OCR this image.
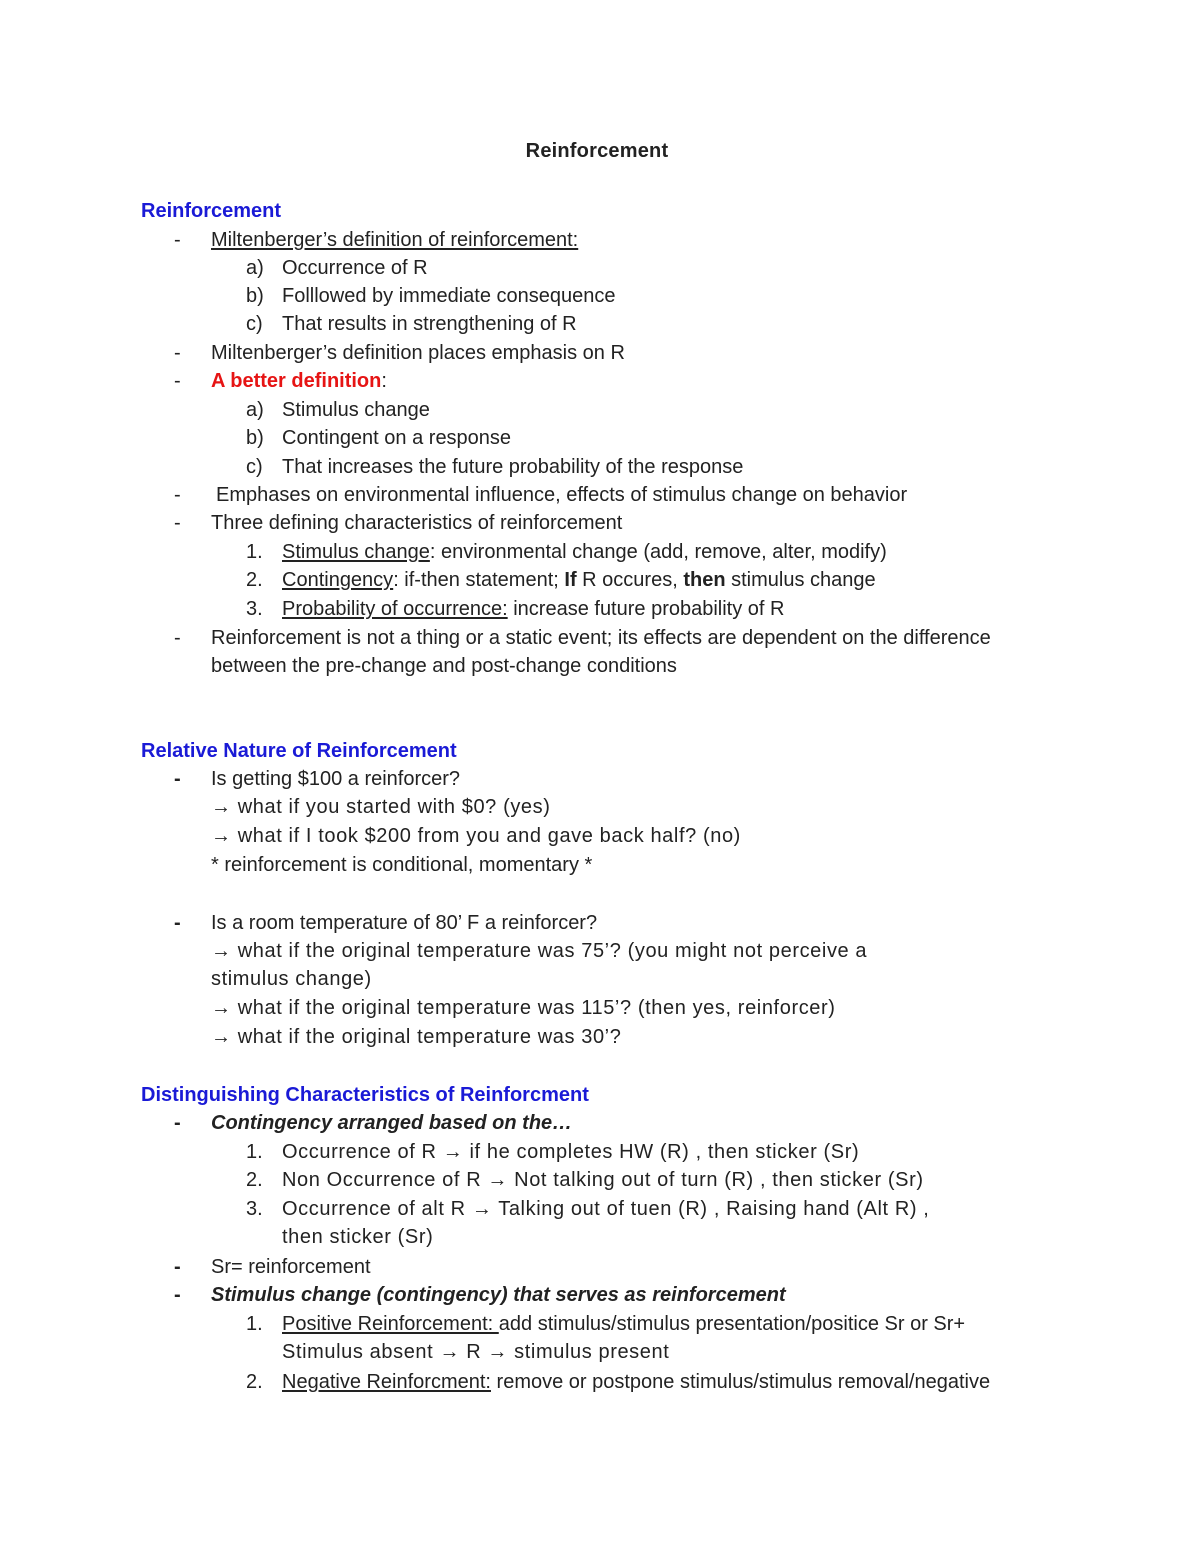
Reinforcement
Reinforcement
-	Miltenberger’s definition of reinforcement:
a) Occurrence of R
b) Folllowed by immediate consequence
c) That results in strengthening of R
-	Miltenberger’s definition places emphasis on R
-	A better definition:
a) Stimulus change
b) Contingent on a response
c) That increases the future probability of the response
-	Emphases on environmental influence, effects of stimulus change on behavior
-	Three defining characteristics of reinforcement
1. Stimulus change: environmental change (add, remove, alter, modify)
2. Contingency: if-then statement; If R occures, then stimulus change
3. Probability of occurrence: increase future probability of R
-	Reinforcement is not a thing or a static event; its effects are dependent on the difference
between the pre-change and post-change conditions
Relative Nature of Reinforcement
-	Is getting $100 a reinforcer?
→ what if you started with $0? (yes)
→ what if I took $200 from you and gave back half? (no)
* reinforcement is conditional, momentary *
-	Is a room temperature of 80’ F a reinforcer?
→ what if the original temperature was 75’? (you might not perceive a
stimulus change)
→ what if the original temperature was 115’? (then yes, reinforcer)
→ what if the original temperature was 30’?
Distinguishing Characteristics of Reinforcment
-	Contingency arranged based on the…
1. Occurrence of R → if he completes HW (R) , then sticker (Sr)
2. Non Occurrence of R → Not talking out of turn (R) , then sticker (Sr)
3. Occurrence of alt R → Talking out of tuen (R) , Raising hand (Alt R) ,
then sticker (Sr)
-	Sr= reinforcement
-	Stimulus change (contingency) that serves as reinforcement
1. Positive Reinforcement: add stimulus/stimulus presentation/positice Sr or Sr+
Stimulus absent → R → stimulus present
2. Negative Reinforcment: remove or postpone stimulus/stimulus removal/negative
